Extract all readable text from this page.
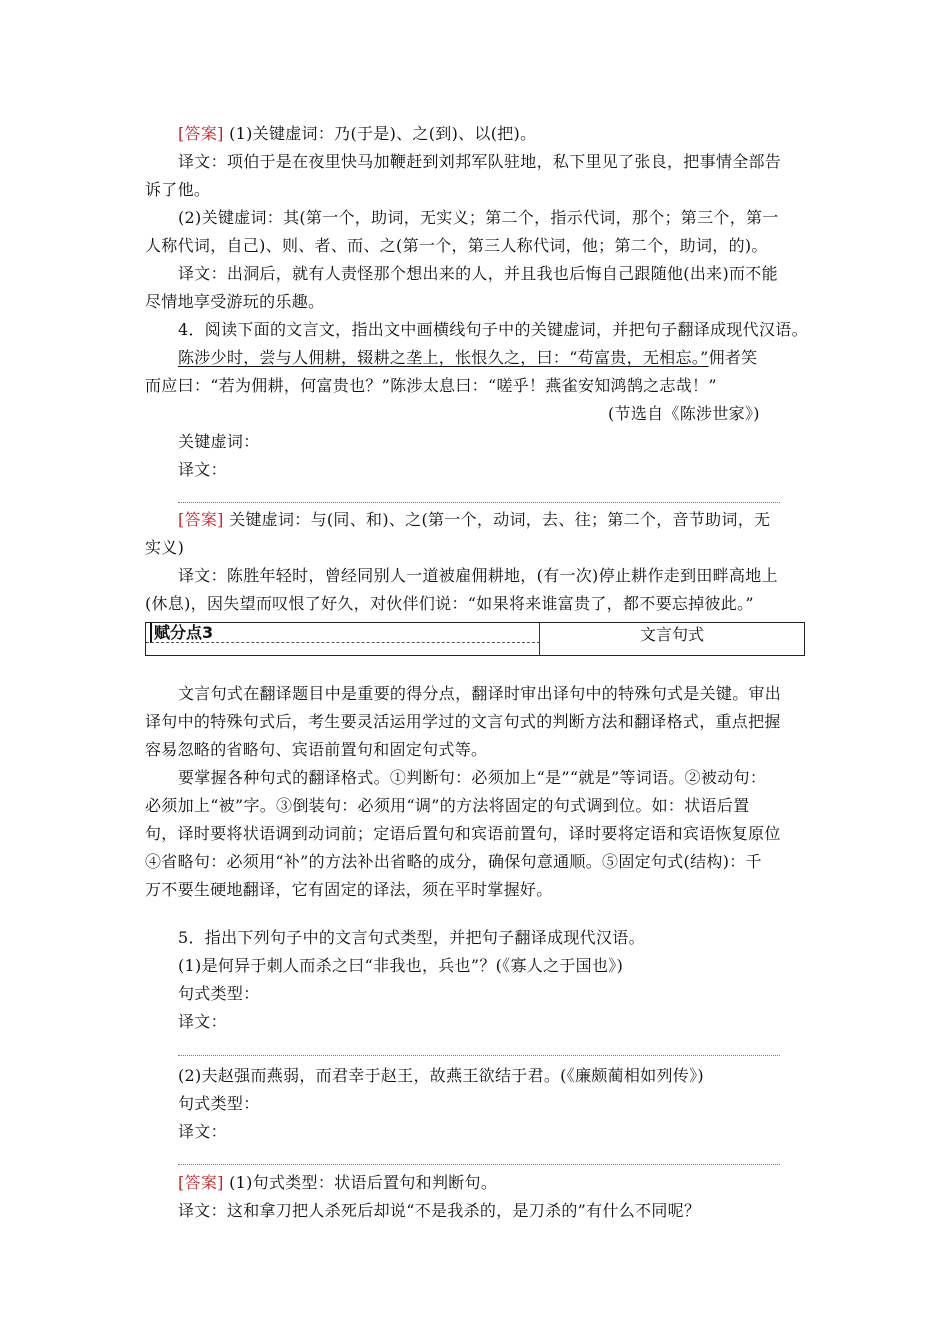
[答案] (1)关键虚词：乃(于是)、之(到)、以(把)。
译文：项伯于是在夜里快马加鞭赶到刘邦军队驻地，私下里见了张良，把事情全部告
诉了他。
(2)关键虚词：其(第一个，助词，无实义；第二个，指示代词，那个；第三个，第一
人称代词，自己)、则、者、而、之(第一个，第三人称代词，他；第二个，助词，的)。
译文：出洞后，就有人责怪那个想出来的人，并且我也后悔自己跟随他(出来)而不能
尽情地享受游玩的乐趣。
4．阅读下面的文言文，指出文中画横线句子中的关键虚词，并把句子翻译成现代汉语。
陈涉少时，尝与人佣耕，辍耕之垄上，怅恨久之，曰：“苟富贵，无相忘。”佣者笑
而应曰：“若为佣耕，何富贵也？”陈涉太息曰：“嗟乎！燕雀安知鸿鹄之志哉！”
(节选自《陈涉世家》)
关键虚词：
译文：
[答案] 关键虚词：与(同、和)、之(第一个，动词，去、往；第二个，音节助词，无
实义)
译文：陈胜年轻时，曾经同别人一道被雇佣耕地，(有一次)停止耕作走到田畔高地上
(休息)，因失望而叹恨了好久，对伙伴们说：“如果将来谁富贵了，都不要忘掉彼此。”
赋分点3	文言句式
文言句式在翻译题目中是重要的得分点，翻译时审出译句中的特殊句式是关键。审出
译句中的特殊句式后，考生要灵活运用学过的文言句式的判断方法和翻译格式，重点把握
容易忽略的省略句、宾语前置句和固定句式等。
要掌握各种句式的翻译格式。①判断句：必须加上“是”“就是”等词语。②被动句：
必须加上“被”字。③倒装句：必须用“调”的方法将固定的句式调到位。如：状语后置
句，译时要将状语调到动词前；定语后置句和宾语前置句，译时要将定语和宾语恢复原位
④省略句：必须用“补”的方法补出省略的成分，确保句意通顺。⑤固定句式(结构)：千
万不要生硬地翻译，它有固定的译法，须在平时掌握好。
5．指出下列句子中的文言句式类型，并把句子翻译成现代汉语。
(1)是何异于刺人而杀之曰“非我也，兵也”？(《寡人之于国也》)
句式类型：
译文：
(2)夫赵强而燕弱，而君幸于赵王，故燕王欲结于君。(《廉颇蔺相如列传》)
句式类型：
译文：
[答案] (1)句式类型：状语后置句和判断句。
译文：这和拿刀把人杀死后却说“不是我杀的，是刀杀的”有什么不同呢？
